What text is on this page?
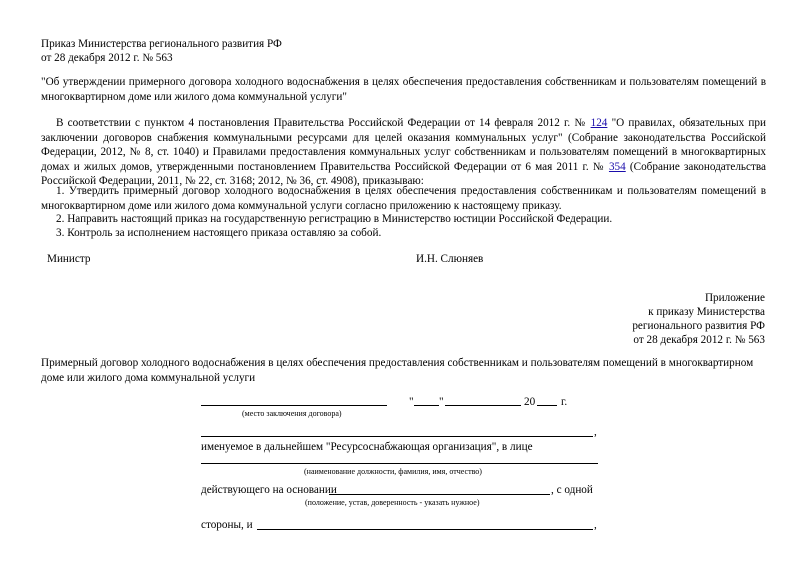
Приказ Министерства регионального развития РФ
от 28 декабря 2012 г. № 563
"Об утверждении примерного договора холодного водоснабжения в целях обеспечения предоставления собственникам и пользователям помещений в многоквартирном доме или жилого дома коммунальной услуги"
В соответствии с пунктом 4 постановления Правительства Российской Федерации от 14 февраля 2012 г. № 124 "О правилах, обязательных при заключении договоров снабжения коммунальными ресурсами для целей оказания коммунальных услуг" (Собрание законодательства Российской Федерации, 2012, № 8, ст. 1040) и Правилами предоставления коммунальных услуг собственникам и пользователям помещений в многоквартирных домах и жилых домов, утвержденными постановлением Правительства Российской Федерации от 6 мая 2011 г. № 354 (Собрание законодательства Российской Федерации, 2011, № 22, ст. 3168; 2012, № 36, ст. 4908), приказываю:
1. Утвердить примерный договор холодного водоснабжения в целях обеспечения предоставления собственникам и пользователям помещений в многоквартирном доме или жилого дома коммунальной услуги согласно приложению к настоящему приказу.
2. Направить настоящий приказ на государственную регистрацию в Министерство юстиции Российской Федерации.
3. Контроль за исполнением настоящего приказа оставляю за собой.
Министр	И.Н. Слюняев
Приложение
к приказу Министерства
регионального развития РФ
от 28 декабря 2012 г. № 563
Примерный договор холодного водоснабжения в целях обеспечения предоставления собственникам и пользователям помещений в многоквартирном доме или жилого дома коммунальной услуги
" "	20 г.
(место заключения договора)
,
именуемое в дальнейшем "Ресурсоснабжающая организация", в лице
(наименование должности, фамилия, имя, отчество)
действующего на основании	, с одной
(положение, устав, доверенность - указать нужное)
стороны, и	,
